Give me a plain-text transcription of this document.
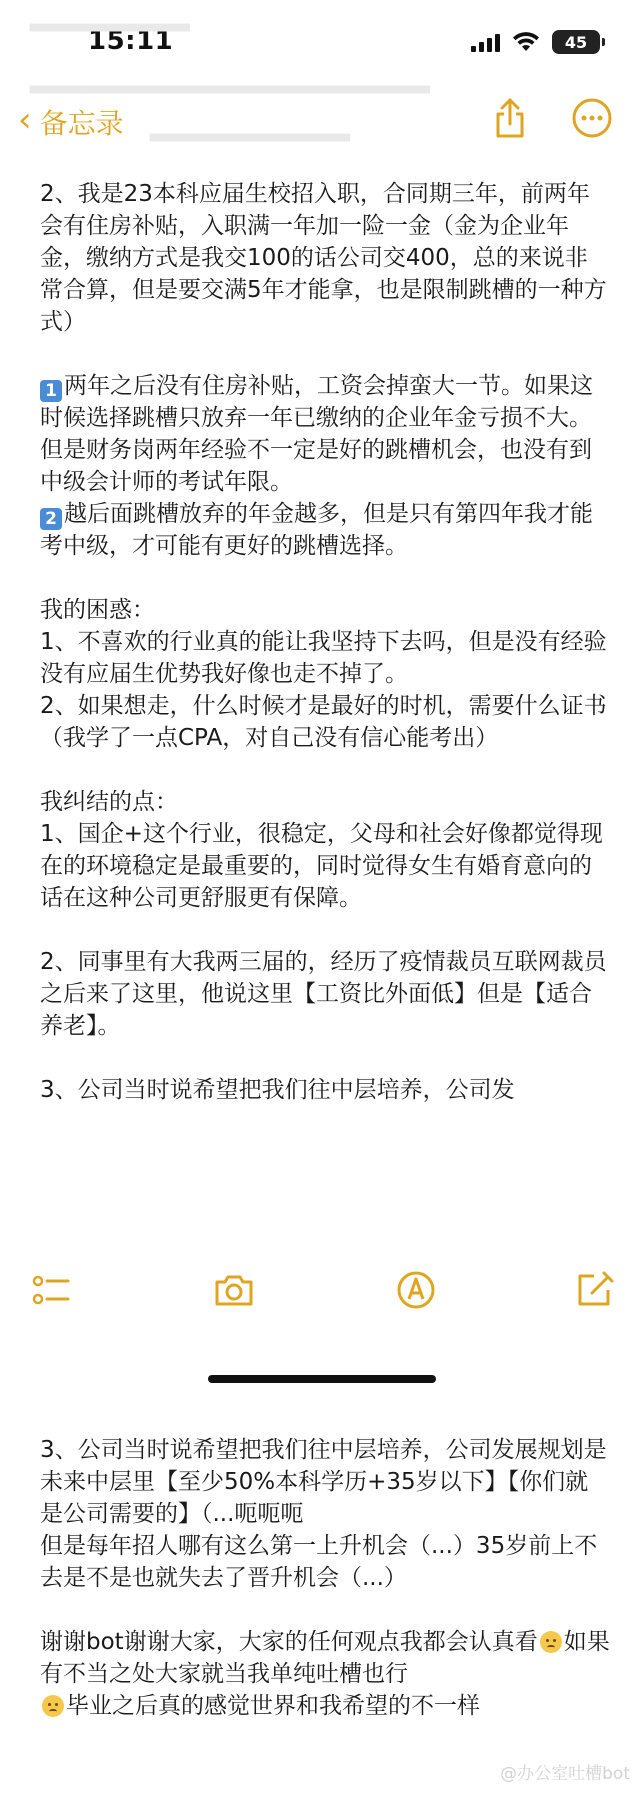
15:11	45
▂▂▂▂▂▂▂▂
▂▂▂▂▂▂▂▂▂▂▂▂▂▂▂▂▂▂▂▂
▂▂▂▂▂▂▂▂▂▂
‹ 备忘录

2、我是23本科应届生校招入职，合同期三年，前两年会有住房补贴，入职满一年加一险一金（金为企业年金，缴纳方式是我交100的话公司交400，总的来说非常合算，但是要交满5年才能拿，也是限制跳槽的一种方式）

1 两年之后没有住房补贴，工资会掉蛮大一节。如果这时候选择跳槽只放弃一年已缴纳的企业年金亏损不大。但是财务岗两年经验不一定是好的跳槽机会，也没有到中级会计师的考试年限。

2 越后面跳槽放弃的年金越多，但是只有第四年我才能考中级，才可能有更好的跳槽选择。

我的困惑：

1、不喜欢的行业真的能让我坚持下去吗，但是没有经验没有应届生优势我好像也走不掉了。

2、如果想走，什么时候才是最好的时机，需要什么证书（我学了一点CPA，对自己没有信心能考出）

我纠结的点：

1、国企+这个行业，很稳定，父母和社会好像都觉得现在的环境稳定是最重要的，同时觉得女生有婚育意向的话在这种公司更舒服更有保障。

2、同事里有大我两三届的，经历了疫情裁员互联网裁员之后来了这里，他说这里【工资比外面低】但是【适合养老】。

3、公司当时说希望把我们往中层培养，公司发

3、公司当时说希望把我们往中层培养，公司发展规划是未来中层里【至少50%本科学历+35岁以下】【你们就是公司需要的】（...呃呃呃

但是每年招人哪有这么第一上升机会（...）35岁前上不去是不是也就失去了晋升机会（...）

谢谢bot谢谢大家，大家的任何观点我都会认真看 如果有不当之处大家就当我单纯吐槽也行
毕业之后真的感觉世界和我希望的不一样

@办公室吐槽bot
